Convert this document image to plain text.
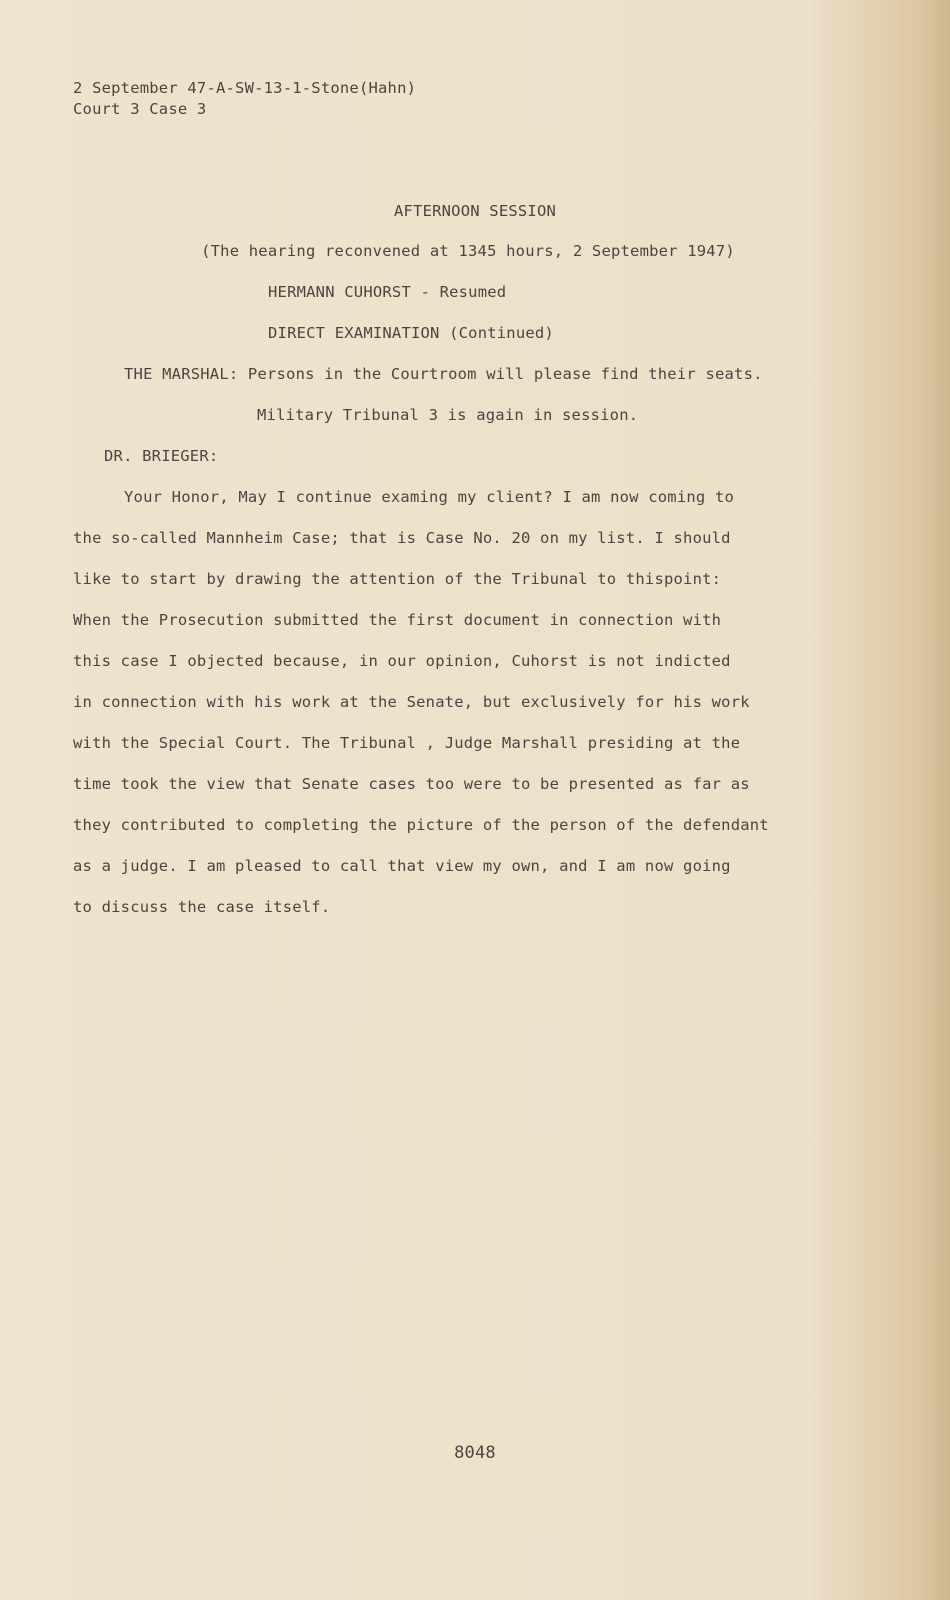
2 September 47-A-SW-13-1-Stone(Hahn)
Court 3 Case 3
AFTERNOON SESSION
(The hearing reconvened at 1345 hours, 2 September 1947)
HERMANN CUHORST - Resumed
DIRECT EXAMINATION (Continued)
THE MARSHAL: Persons in the Courtroom will please find their seats.
Military Tribunal 3 is again in session.
DR. BRIEGER:
Your Honor, May I continue examing my client? I am now coming to
the so-called Mannheim Case; that is Case No. 20 on my list. I should
like to start by drawing the attention of the Tribunal to thispoint:
When the Prosecution submitted the first document in connection with
this case I objected because, in our opinion, Cuhorst is not indicted
in connection with his work at the Senate, but exclusively for his work
with the Special Court. The Tribunal , Judge Marshall presiding at the
time took the view that Senate cases too were to be presented as far as
they contributed to completing the picture of the person of the defendant
as a judge. I am pleased to call that view my own, and I am now going
to discuss the case itself.
8048
